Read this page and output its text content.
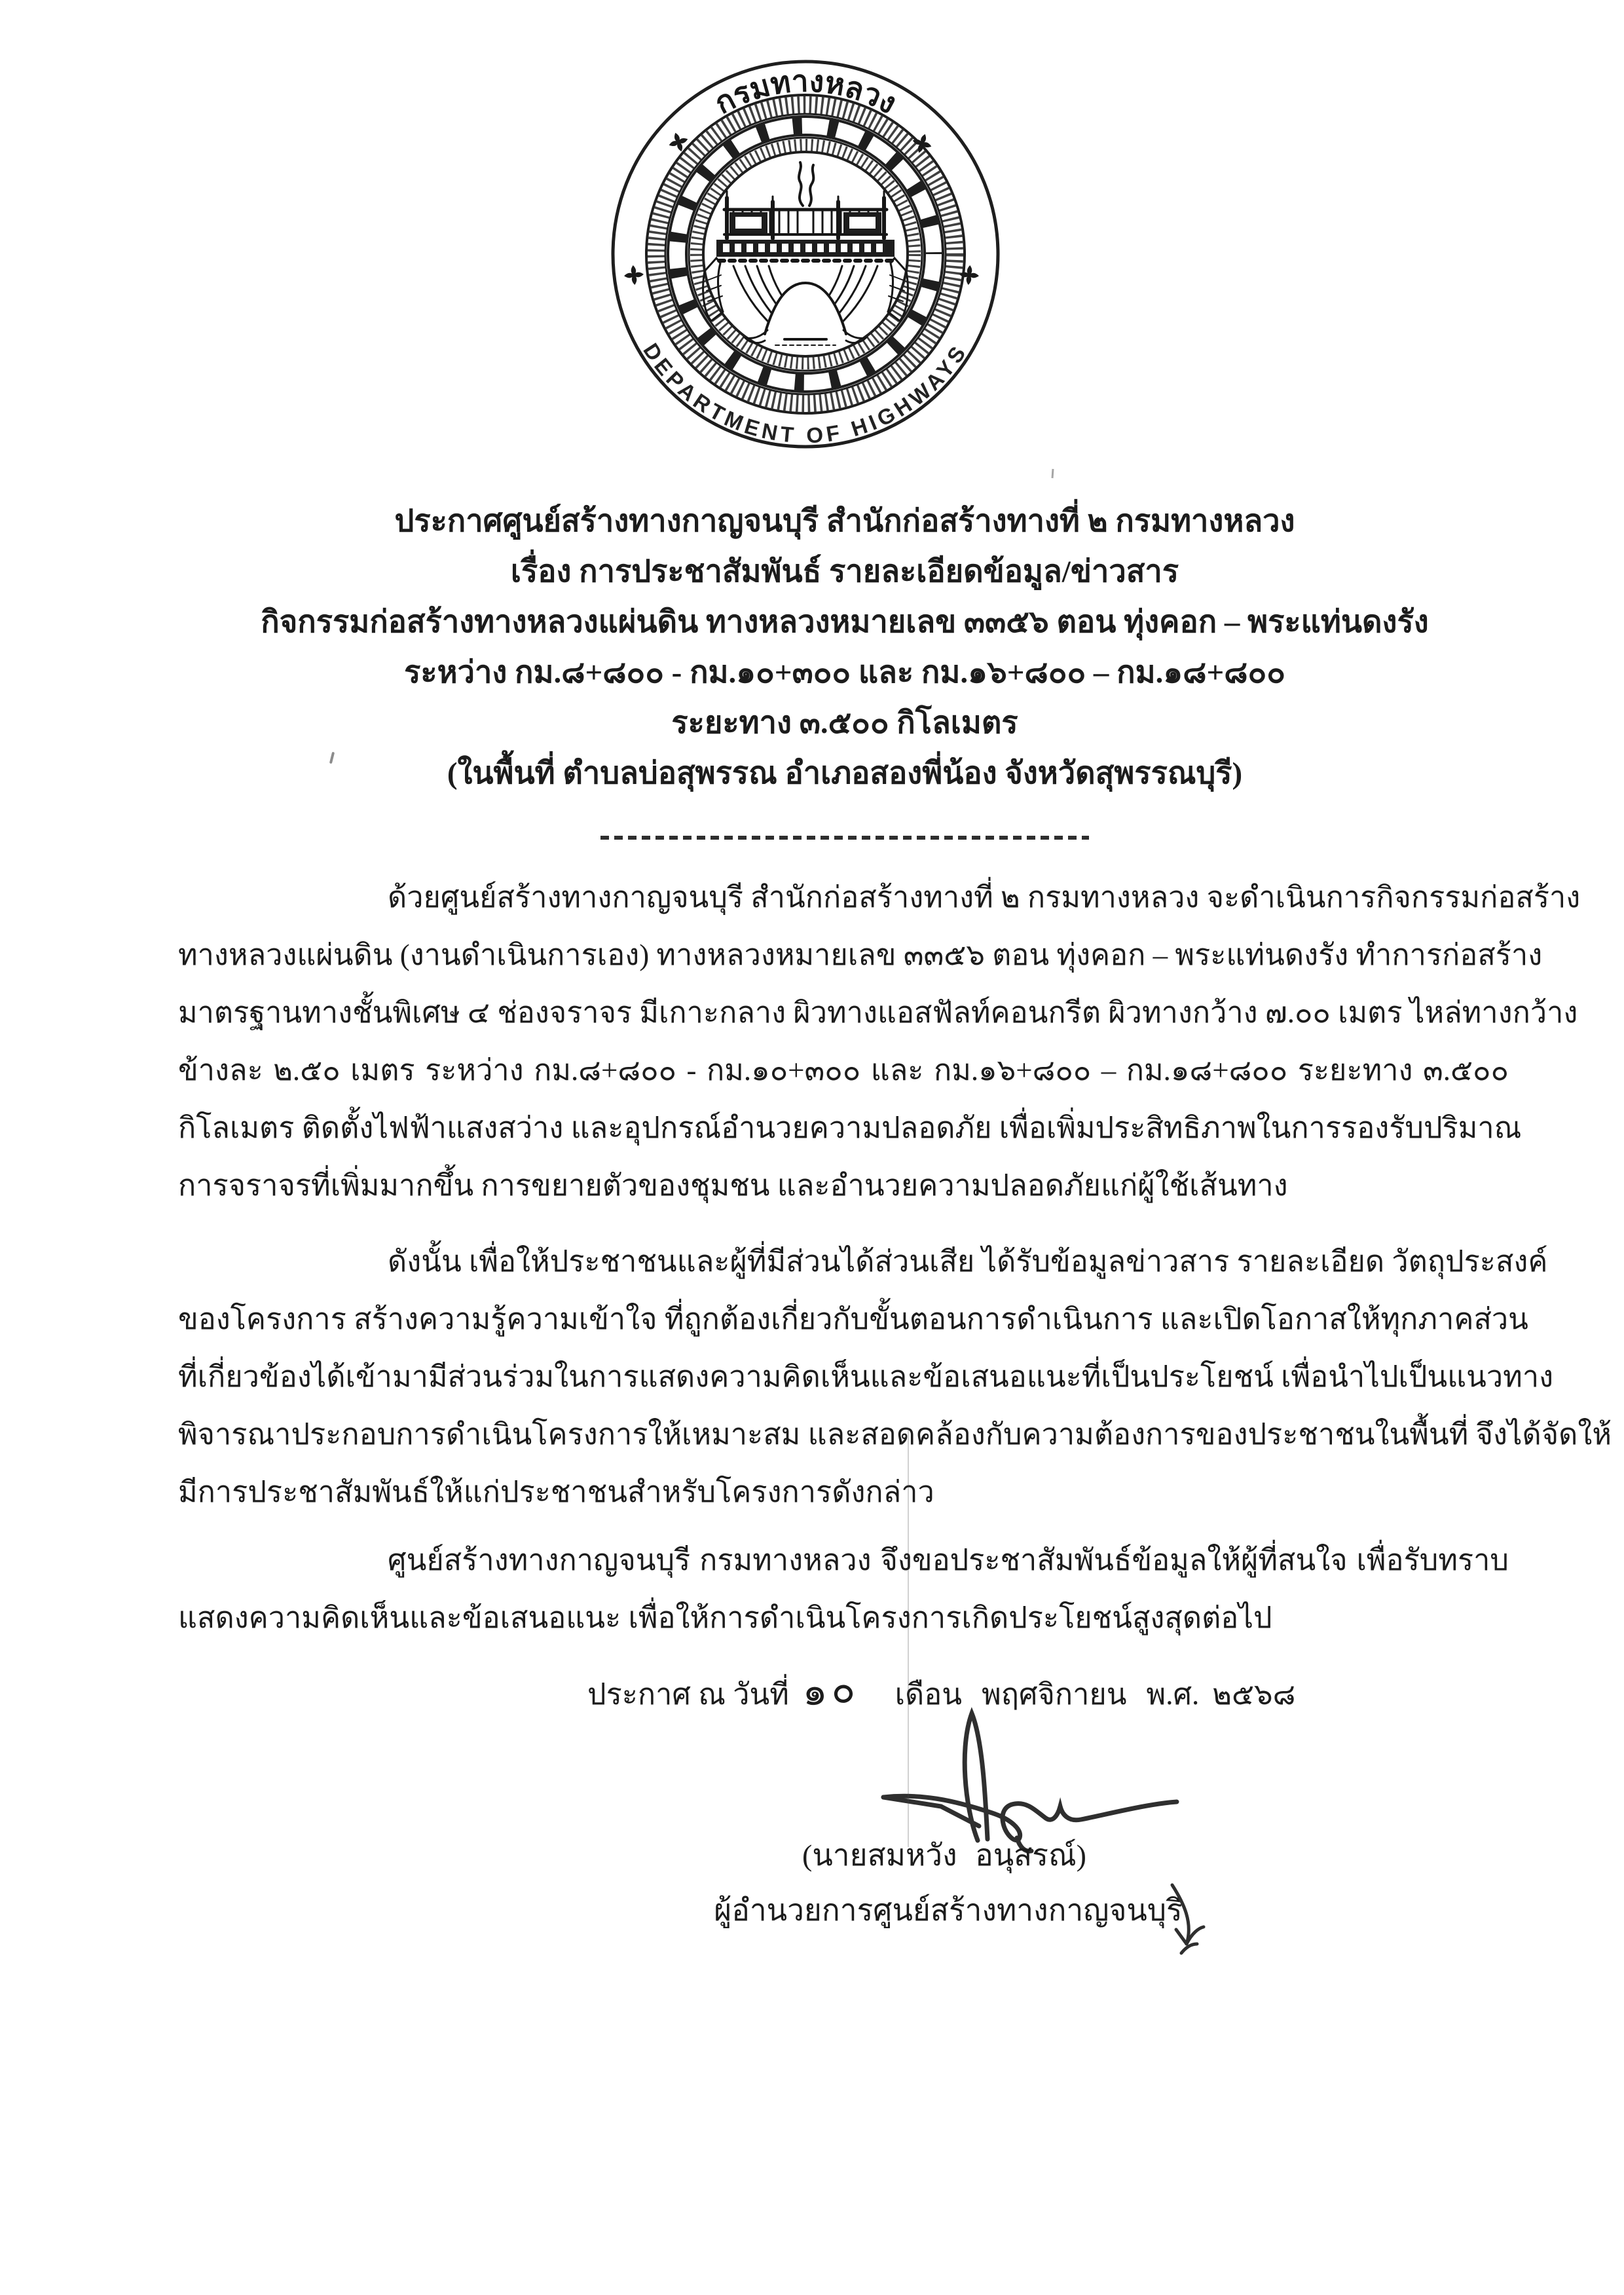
กรมทางหลวง
DEPARTMENT OF HIGHWAYS
ประกาศศูนย์สร้างทางกาญจนบุรี สำนักก่อสร้างทางที่ ๒ กรมทางหลวง
เรื่อง การประชาสัมพันธ์ รายละเอียดข้อมูล/ข่าวสาร
กิจกรรมก่อสร้างทางหลวงแผ่นดิน ทางหลวงหมายเลข ๓๓๕๖ ตอน ทุ่งคอก – พระแท่นดงรัง
ระหว่าง กม.๘+๘๐๐ - กม.๑๐+๓๐๐ และ กม.๑๖+๘๐๐ – กม.๑๘+๘๐๐
ระยะทาง ๓.๕๐๐ กิโลเมตร
(ในพื้นที่ ตำบลบ่อสุพรรณ อำเภอสองพี่น้อง จังหวัดสุพรรณบุรี)
ด้วยศูนย์สร้างทางกาญจนบุรี สำนักก่อสร้างทางที่ ๒ กรมทางหลวง จะดำเนินการกิจกรรมก่อสร้าง
ทางหลวงแผ่นดิน (งานดำเนินการเอง) ทางหลวงหมายเลข ๓๓๕๖ ตอน ทุ่งคอก – พระแท่นดงรัง ทำการก่อสร้าง
มาตรฐานทางชั้นพิเศษ ๔ ช่องจราจร มีเกาะกลาง ผิวทางแอสฟัลท์คอนกรีต ผิวทางกว้าง ๗.๐๐ เมตร ไหล่ทางกว้าง
ข้างละ ๒.๕๐ เมตร ระหว่าง กม.๘+๘๐๐ - กม.๑๐+๓๐๐ และ กม.๑๖+๘๐๐ – กม.๑๘+๘๐๐ ระยะทาง ๓.๕๐๐
กิโลเมตร ติดตั้งไฟฟ้าแสงสว่าง และอุปกรณ์อำนวยความปลอดภัย เพื่อเพิ่มประสิทธิภาพในการรองรับปริมาณ
การจราจรที่เพิ่มมากขึ้น การขยายตัวของชุมชน และอำนวยความปลอดภัยแก่ผู้ใช้เส้นทาง
ดังนั้น เพื่อให้ประชาชนและผู้ที่มีส่วนได้ส่วนเสีย ได้รับข้อมูลข่าวสาร รายละเอียด วัตถุประสงค์
ของโครงการ สร้างความรู้ความเข้าใจ ที่ถูกต้องเกี่ยวกับขั้นตอนการดำเนินการ และเปิดโอกาสให้ทุกภาคส่วน
ที่เกี่ยวข้องได้เข้ามามีส่วนร่วมในการแสดงความคิดเห็นและข้อเสนอแนะที่เป็นประโยชน์ เพื่อนำไปเป็นแนวทาง
พิจารณาประกอบการดำเนินโครงการให้เหมาะสม และสอดคล้องกับความต้องการของประชาชนในพื้นที่ จึงได้จัดให้
มีการประชาสัมพันธ์ให้แก่ประชาชนสำหรับโครงการดังกล่าว
ศูนย์สร้างทางกาญจนบุรี กรมทางหลวง จึงขอประชาสัมพันธ์ข้อมูลให้ผู้ที่สนใจ เพื่อรับทราบ
แสดงความคิดเห็นและข้อเสนอแนะ เพื่อให้การดำเนินโครงการเกิดประโยชน์สูงสุดต่อไป
ประกาศ ณ วันที่ ๑๐ เดือน พฤศจิกายน พ.ศ. ๒๕๖๘
(นายสมหวัง อนุสรณ์)
ผู้อำนวยการศูนย์สร้างทางกาญจนบุรี
